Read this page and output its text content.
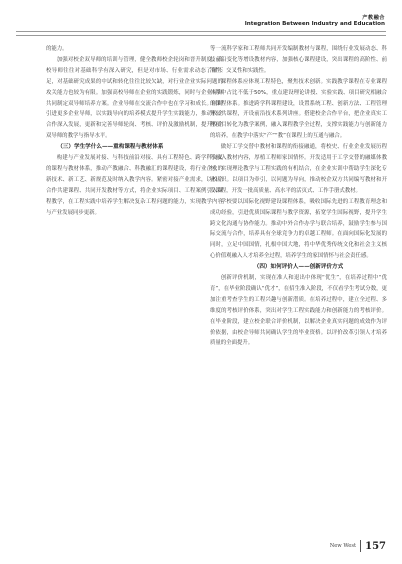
产教融合
Integration Between Industry and Education

的能力。

加强对校企双导师的培训与管理，健全教师校企轮岗和晋升制度。高校导师往往对基础科学有深入研究，但是对市场、行业需求动态了解不足，对基础研究成果的中试和转化往往比较欠缺，对行业企业实际问题的攻关能力也较为有限。加强高校导师在企业的实践锻炼，同时与企业导师共同制定双导师培养方案。企业导师在交流合作中也在学习和成长。同时引进更多企业导师，以实践导向的培养模式提升学生实践能力，推动校企合作深入发展，更新和完善导师轮岗、考核、评价及激励机制，提升校企双导师的教学与指导水平。

（三）学生学什么——重构课程与教材体系

构建与产业发展对接、与科技前沿对接、具有工程特色、跨学科交叉的课程与教材体系，推动产教融合、科教融汇的课程建设，将行业企业的新技术、新工艺、新规范及时纳入教学内容。紧密对接产业需求，以校企合作共建课程、共同开发教材等方式，将企业实际项目、工程案例引入课程教学，在工程实践中培养学生解决复杂工程问题的能力，实现教学内容与产业发展同步更新。

等一流科学家和工程师共同开发编制教材与课程，围绕行业发展动态、科技前沿变化等增设教材内容，加强核心课程建设，突出课程的高阶性、前沿性、交叉性和实践性。

课程体系应体现工程特色，聚焦技术创新。实践教学课程在专业课程体系中占比不低于50%，重点建设理论讲授、实验实践、项目研究相融合的课程体系。推进跨学科课程建设，设置系统工程、创新方法、工程管理等公共课程，开设前沿技术系列讲座。搭建校企合作平台，把企业真实工程项目转化为教学案例，融入课程教学全过程，支撑实践能力与创新能力的培养，在教学中落实“产”“教”在课程上的互通与融合。

做好工学交替中教材和课程的衔接融通，将校史、行业企业发展历程等融入教材内容，厚植工程师家国情怀。开发适用于工学交替的融媒体教材，实现理论教学与工程实践的有机结合，在企业实训中帮助学生深化专业认识。以项目为牵引，以问题为导向，推动校企双方共同编写教材和开发课程，开发一批高质量、高水平的活页式、工作手册式教材。

学校要以国际化视野建设课程体系，吸收国际先进的工程教育理念和成功经验，引进优质国际课程与教学资源，拓宽学生国际视野，提升学生跨文化沟通与协作能力。推动中外合作办学与联合培养，鼓励学生参与国际交流与合作，培养具有全球竞争力的卓越工程师。在面向国际化发展的同时，立足中国国情，扎根中国大地，将中华优秀传统文化和社会主义核心价值观融入人才培养全过程，培养学生的家国情怀与社会责任感。

（四）如何评价人——创新评价方式

创新评价机制，实现在准人和退出中体现“优生”，在培养过程中“优育”，在毕业阶段确认“优才”，在招生准入阶段，不仅看学生考试分数，更加注重考查学生的工程兴趣与创新潜质。在培养过程中，建立全过程、多维度的考核评价体系，突出对学生工程实践能力和创新能力的考核评价。在毕业阶段，建立校企联合评价机制，以解决企业真实问题的成效作为评价依据，由校企导师共同确认学生的毕业资格。以评价改革引领人才培养质量的全面提升。

New West 157
